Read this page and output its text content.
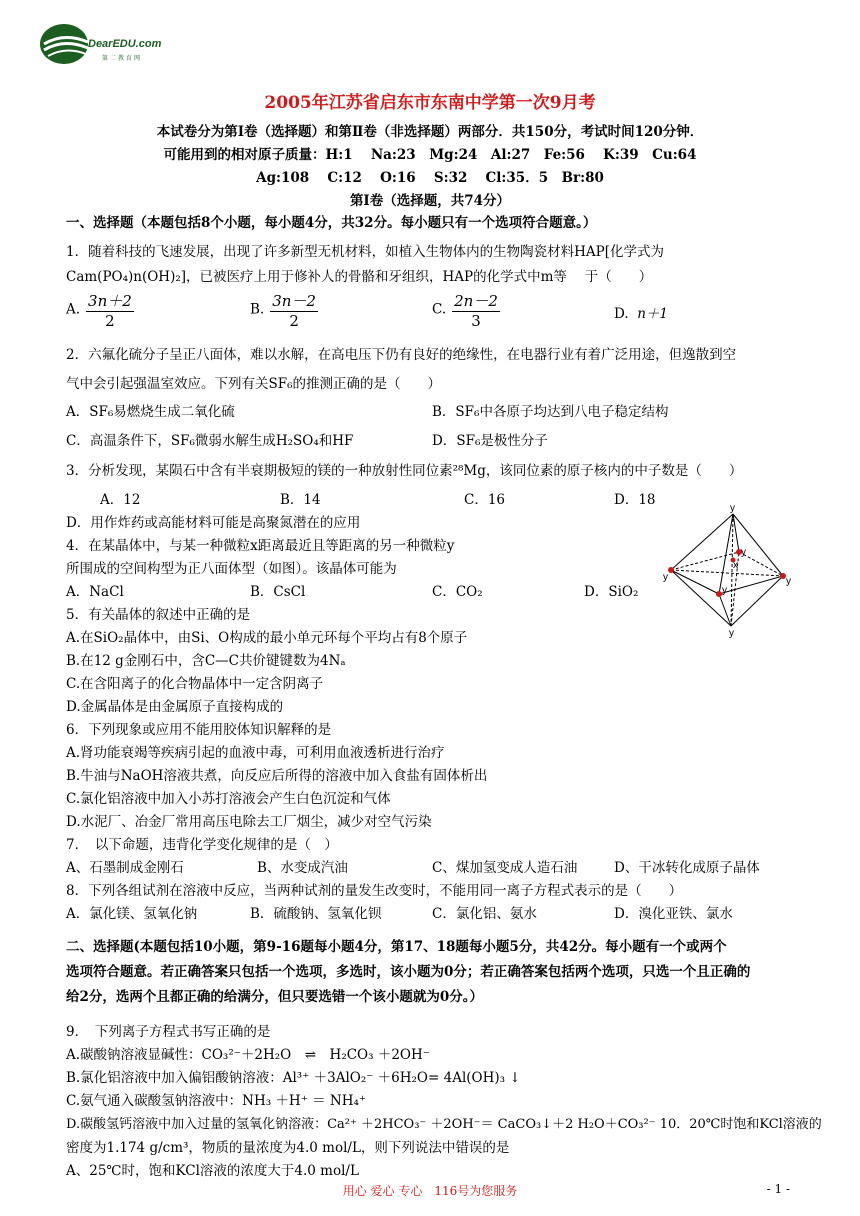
DearEDU.com
第二教育网
2005年江苏省启东市东南中学第一次9月考
本试卷分为第Ⅰ卷（选择题）和第Ⅱ卷（非选择题）两部分．共150分，考试时间120分钟．
可能用到的相对原子质量：H:1　 Na:23　Mg:24　Al:27　Fe:56　 K:39　Cu:64
Ag:108　 C:12　 O:16　 S:32　 Cl:35．5　Br:80
第Ⅰ卷（选择题，共74分）
一、选择题（本题包括8个小题，每小题4分，共32分。每小题只有一个选项符合题意。）
1．随着科技的飞速发展，出现了许多新型无机材料，如植入生物体内的生物陶瓷材料HAP[化学式为
Cam(PO₄)n(OH)₂]，已被医疗上用于修补人的骨骼和牙组织，HAP的化学式中m等　 于（　　）
A. $\frac{3n+2}{2}$	B. $\frac{3n-2}{2}$	C. $\frac{2n-2}{3}$	D. n＋1
2．六氟化硫分子呈正八面体，难以水解，在高电压下仍有良好的绝缘性，在电器行业有着广泛用途，但逸散到空
气中会引起强温室效应。下列有关SF₆的推测正确的是（　　）
A．SF₆易燃烧生成二氧化硫	B．SF₆中各原子均达到八电子稳定结构
C．高温条件下，SF₆微弱水解生成H₂SO₄和HF	D．SF₆是极性分子
3．分析发现，某陨石中含有半衰期极短的镁的一种放射性同位素²⁸Mg，该同位素的原子核内的中子数是（　　）
A．12	B．14	C．16	D．18
D．用作炸药或高能材料可能是高聚氮潜在的应用
4．在某晶体中，与某一种微粒x距离最近且等距离的另一种微粒y
所围成的空间构型为正八面体型（如图）。该晶体可能为
A．NaCl	B．CsCl	C．CO₂	D．SiO₂
y
y	y
y
y
y
x
5．有关晶体的叙述中正确的是
A.在SiO₂晶体中，由Si、O构成的最小单元环每个平均占有8个原子
B.在12 g金刚石中，含C—C共价键键数为4Nₐ
C.在含阳离子的化合物晶体中一定含阴离子
D.金属晶体是由金属原子直接构成的
6．下列现象或应用不能用胶体知识解释的是
A.肾功能衰竭等疾病引起的血液中毒，可利用血液透析进行治疗
B.牛油与NaOH溶液共煮，向反应后所得的溶液中加入食盐有固体析出
C.氯化铝溶液中加入小苏打溶液会产生白色沉淀和气体
D.水泥厂、冶金厂常用高压电除去工厂烟尘，减少对空气污染
7．　以下命题，违背化学变化规律的是（　）
A、石墨制成金刚石	B、水变成汽油	C、煤加氢变成人造石油	D、干冰转化成原子晶体
8．下列各组试剂在溶液中反应，当两种试剂的量发生改变时，不能用同一离子方程式表示的是（　　）
A．氯化镁、氢氧化钠	B．硫酸钠、氢氧化钡	C．氯化铝、氨水	D．溴化亚铁、氯水
二、选择题(本题包括10小题，第9-16题每小题4分，第17、18题每小题5分，共42分。每小题有一个或两个
选项符合题意。若正确答案只包括一个选项，多选时，该小题为0分；若正确答案包括两个选项，只选一个且正确的
给2分，选两个且都正确的给满分，但只要选错一个该小题就为0分。）
9．　下列离子方程式书写正确的是
A.碳酸钠溶液显碱性：CO₃²⁻＋2H₂O　⇌　H₂CO₃ ＋2OH⁻
B.氯化铝溶液中加入偏铝酸钠溶液：Al³⁺ ＋3AlO₂⁻ ＋6H₂O= 4Al(OH)₃ ↓
C.氨气通入碳酸氢钠溶液中：NH₃ ＋H⁺ ＝ NH₄⁺
D.碳酸氢钙溶液中加入过量的氢氧化钠溶液：Ca²⁺ ＋2HCO₃⁻ ＋2OH⁻＝ CaCO₃↓＋2 H₂O＋CO₃²⁻ 10．20℃时饱和KCl溶液的
密度为1.174 g/cm³，物质的量浓度为4.0 mol/L，则下列说法中错误的是
A、25℃时，饱和KCl溶液的浓度大于4.0 mol/L
用心 爱心 专心　116号为您服务	- 1 -
